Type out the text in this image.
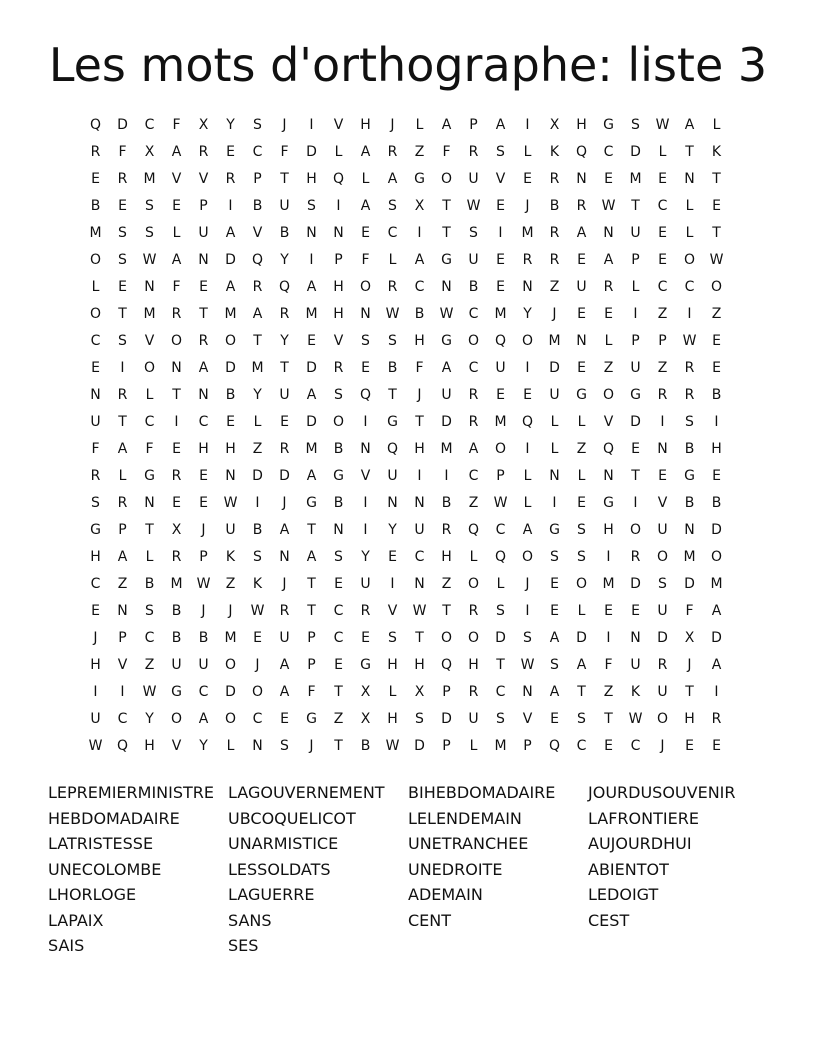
Les mots d'orthographe: liste 3
Q	D	C	F	X	Y	S	J	I	V	H	J	L	A	P	A	I	X	H	G	S	W	A	L
R	F	X	A	R	E	C	F	D	L	A	R	Z	F	R	S	L	K	Q	C	D	L	T	K
E	R	M	V	V	R	P	T	H	Q	L	A	G	O	U	V	E	R	N	E	M	E	N	T
B	E	S	E	P	I	B	U	S	I	A	S	X	T	W	E	J	B	R	W	T	C	L	E
M	S	S	L	U	A	V	B	N	N	E	C	I	T	S	I	M	R	A	N	U	E	L	T
O	S	W	A	N	D	Q	Y	I	P	F	L	A	G	U	E	R	R	E	A	P	E	O	W
L	E	N	F	E	A	R	Q	A	H	O	R	C	N	B	E	N	Z	U	R	L	C	C	O
O	T	M	R	T	M	A	R	M	H	N	W	B	W	C	M	Y	J	E	E	I	Z	I	Z
C	S	V	O	R	O	T	Y	E	V	S	S	H	G	O	Q	O	M	N	L	P	P	W	E
E	I	O	N	A	D	M	T	D	R	E	B	F	A	C	U	I	D	E	Z	U	Z	R	E
N	R	L	T	N	B	Y	U	A	S	Q	T	J	U	R	E	E	U	G	O	G	R	R	B
U	T	C	I	C	E	L	E	D	O	I	G	T	D	R	M	Q	L	L	V	D	I	S	I
F	A	F	E	H	H	Z	R	M	B	N	Q	H	M	A	O	I	L	Z	Q	E	N	B	H
R	L	G	R	E	N	D	D	A	G	V	U	I	I	C	P	L	N	L	N	T	E	G	E
S	R	N	E	E	W	I	J	G	B	I	N	N	B	Z	W	L	I	E	G	I	V	B	B
G	P	T	X	J	U	B	A	T	N	I	Y	U	R	Q	C	A	G	S	H	O	U	N	D
H	A	L	R	P	K	S	N	A	S	Y	E	C	H	L	Q	O	S	S	I	R	O	M	O
C	Z	B	M	W	Z	K	J	T	E	U	I	N	Z	O	L	J	E	O	M	D	S	D	M
E	N	S	B	J	J	W	R	T	C	R	V	W	T	R	S	I	E	L	E	E	U	F	A
J	P	C	B	B	M	E	U	P	C	E	S	T	O	O	D	S	A	D	I	N	D	X	D
H	V	Z	U	U	O	J	A	P	E	G	H	H	Q	H	T	W	S	A	F	U	R	J	A
I	I	W	G	C	D	O	A	F	T	X	L	X	P	R	C	N	A	T	Z	K	U	T	I
U	C	Y	O	A	O	C	E	G	Z	X	H	S	D	U	S	V	E	S	T	W	O	H	R
W	Q	H	V	Y	L	N	S	J	T	B	W	D	P	L	M	P	Q	C	E	C	J	E	E
LEPREMIERMINISTRE
HEBDOMADAIRE
LATRISTESSE
UNECOLOMBE
LHORLOGE
LAPAIX
SAIS
LAGOUVERNEMENT
UBCOQUELICOT
UNARMISTICE
LESSOLDATS
LAGUERRE
SANS
SES
BIHEBDOMADAIRE
LELENDEMAIN
UNETRANCHEE
UNEDROITE
ADEMAIN
CENT
JOURDUSOUVENIR
LAFRONTIERE
AUJOURDHUI
ABIENTOT
LEDOIGT
CEST
